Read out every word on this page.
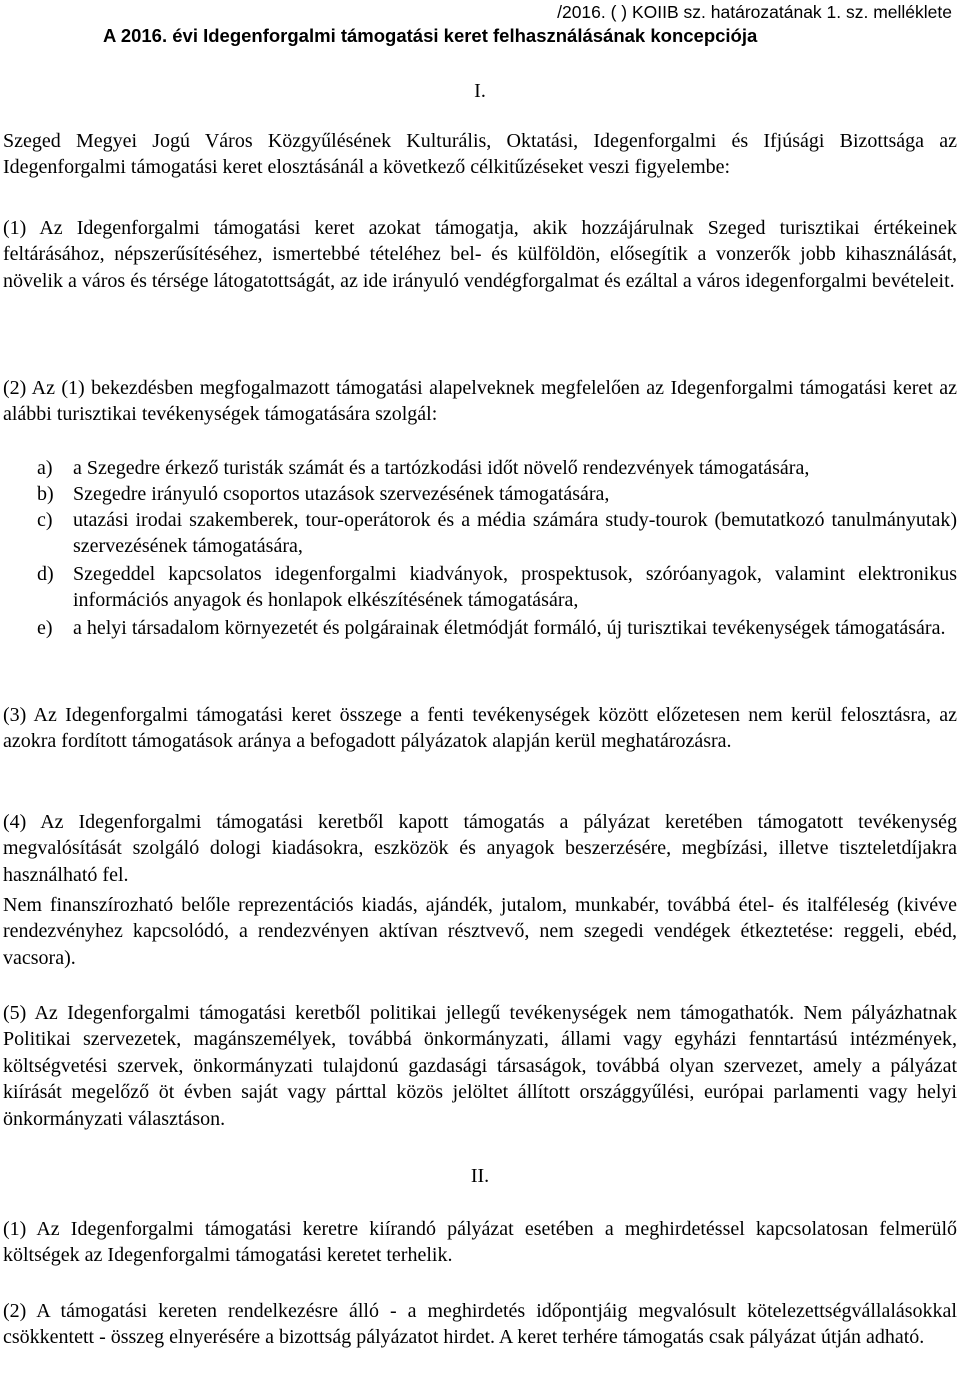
/2016. ( ) KOIIB sz. határozatának 1. sz. melléklete
A 2016. évi Idegenforgalmi támogatási keret felhasználásának koncepciója
I.

Szeged Megyei Jogú Város Közgyűlésének Kulturális, Oktatási, Idegenforgalmi és Ifjúsági Bizottsága az Idegenforgalmi támogatási keret elosztásánál a következő célkitűzéseket veszi figyelembe:

(1) Az Idegenforgalmi támogatási keret azokat támogatja, akik hozzájárulnak Szeged turisztikai értékeinek feltárásához, népszerűsítéséhez, ismertebbé tételéhez bel- és külföldön, elősegítik a vonzerők jobb kihasználását, növelik a város és térsége látogatottságát, az ide irányuló vendégforgalmat és ezáltal a város idegenforgalmi bevételeit.

(2) Az (1) bekezdésben megfogalmazott támogatási alapelveknek megfelelően az Idegenforgalmi támogatási keret az alábbi turisztikai tevékenységek támogatására szolgál:

a) a Szegedre érkező turisták számát és a tartózkodási időt növelő rendezvények támogatására,
b) Szegedre irányuló csoportos utazások szervezésének támogatására,
c) utazási irodai szakemberek, tour-operátorok és a média számára study-tourok (bemutatkozó tanulmányutak) szervezésének támogatására,
d) Szegeddel kapcsolatos idegenforgalmi kiadványok, prospektusok, szóróanyagok, valamint elektronikus információs anyagok és honlapok elkészítésének támogatására,
e) a helyi társadalom környezetét és polgárainak életmódját formáló, új turisztikai tevékenységek támogatására.

(3) Az Idegenforgalmi támogatási keret összege a fenti tevékenységek között előzetesen nem kerül felosztásra, az azokra fordított támogatások aránya a befogadott pályázatok alapján kerül meghatározásra.

(4) Az Idegenforgalmi támogatási keretből kapott támogatás a pályázat keretében támogatott tevékenység megvalósítását szolgáló dologi kiadásokra, eszközök és anyagok beszerzésére, megbízási, illetve tiszteletdíjakra használható fel.

Nem finanszírozható belőle reprezentációs kiadás, ajándék, jutalom, munkabér, továbbá étel- és italféleség (kivéve rendezvényhez kapcsolódó, a rendezvényen aktívan résztvevő, nem szegedi vendégek étkeztetése: reggeli, ebéd, vacsora).

(5) Az Idegenforgalmi támogatási keretből politikai jellegű tevékenységek nem támogathatók. Nem pályázhatnak Politikai szervezetek, magánszemélyek, továbbá önkormányzati, állami vagy egyházi fenntartású intézmények, költségvetési szervek, önkormányzati tulajdonú gazdasági társaságok, továbbá olyan szervezet, amely a pályázat kiírását megelőző öt évben saját vagy párttal közös jelöltet állított országgyűlési, európai parlamenti vagy helyi önkormányzati választáson.

II.

(1) Az Idegenforgalmi támogatási keretre kiírandó pályázat esetében a meghirdetéssel kapcsolatosan felmerülő költségek az Idegenforgalmi támogatási keretet terhelik.

(2) A támogatási kereten rendelkezésre álló - a meghirdetés időpontjáig megvalósult kötelezettségvállalásokkal csökkentett - összeg elnyerésére a bizottság pályázatot hirdet. A keret terhére támogatás csak pályázat útján adható.
